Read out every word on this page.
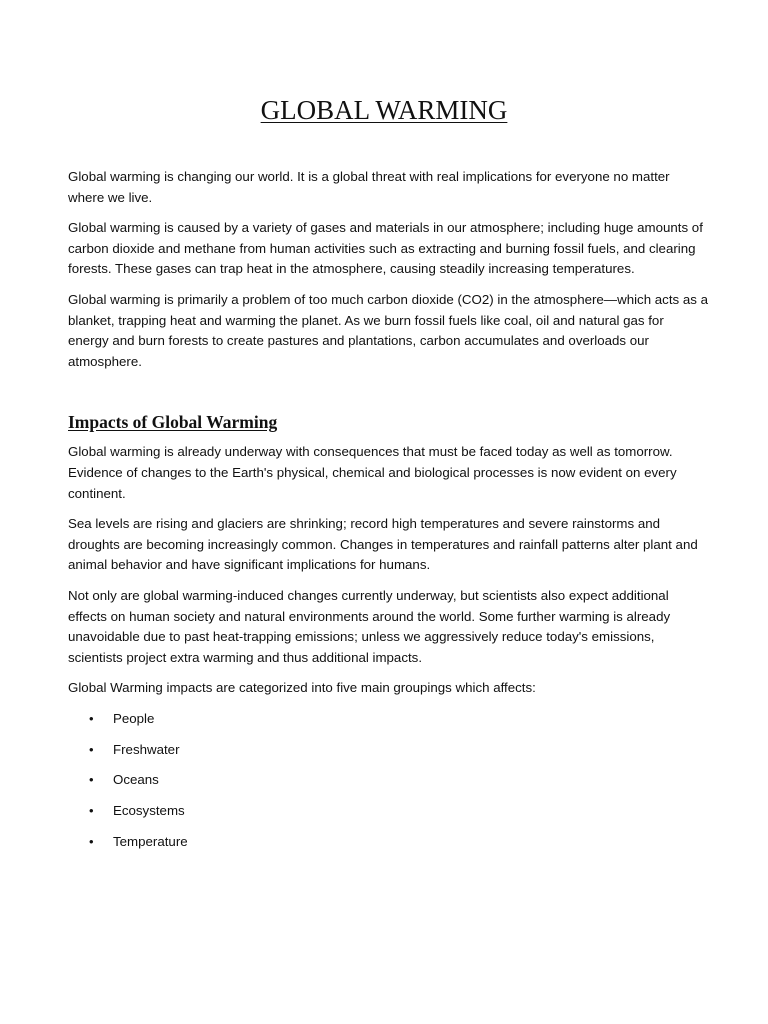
GLOBAL WARMING

Global warming is changing our world. It is a global threat with real implications for everyone no matter where we live.

Global warming is caused by a variety of gases and materials in our atmosphere; including huge amounts of carbon dioxide and methane from human activities such as extracting and burning fossil fuels, and clearing forests. These gases can trap heat in the atmosphere, causing steadily increasing temperatures.

Global warming is primarily a problem of too much carbon dioxide (CO2) in the atmosphere—which acts as a blanket, trapping heat and warming the planet. As we burn fossil fuels like coal, oil and natural gas for energy and burn forests to create pastures and plantations, carbon accumulates and overloads our atmosphere.

Impacts of Global Warming

Global warming is already underway with consequences that must be faced today as well as tomorrow. Evidence of changes to the Earth's physical, chemical and biological processes is now evident on every continent.

Sea levels are rising and glaciers are shrinking; record high temperatures and severe rainstorms and droughts are becoming increasingly common. Changes in temperatures and rainfall patterns alter plant and animal behavior and have significant implications for humans.

Not only are global warming-induced changes currently underway, but scientists also expect additional effects on human society and natural environments around the world. Some further warming is already unavoidable due to past heat-trapping emissions; unless we aggressively reduce today's emissions, scientists project extra warming and thus additional impacts.

Global Warming impacts are categorized into five main groupings which affects:

• People
• Freshwater
• Oceans
• Ecosystems
• Temperature
